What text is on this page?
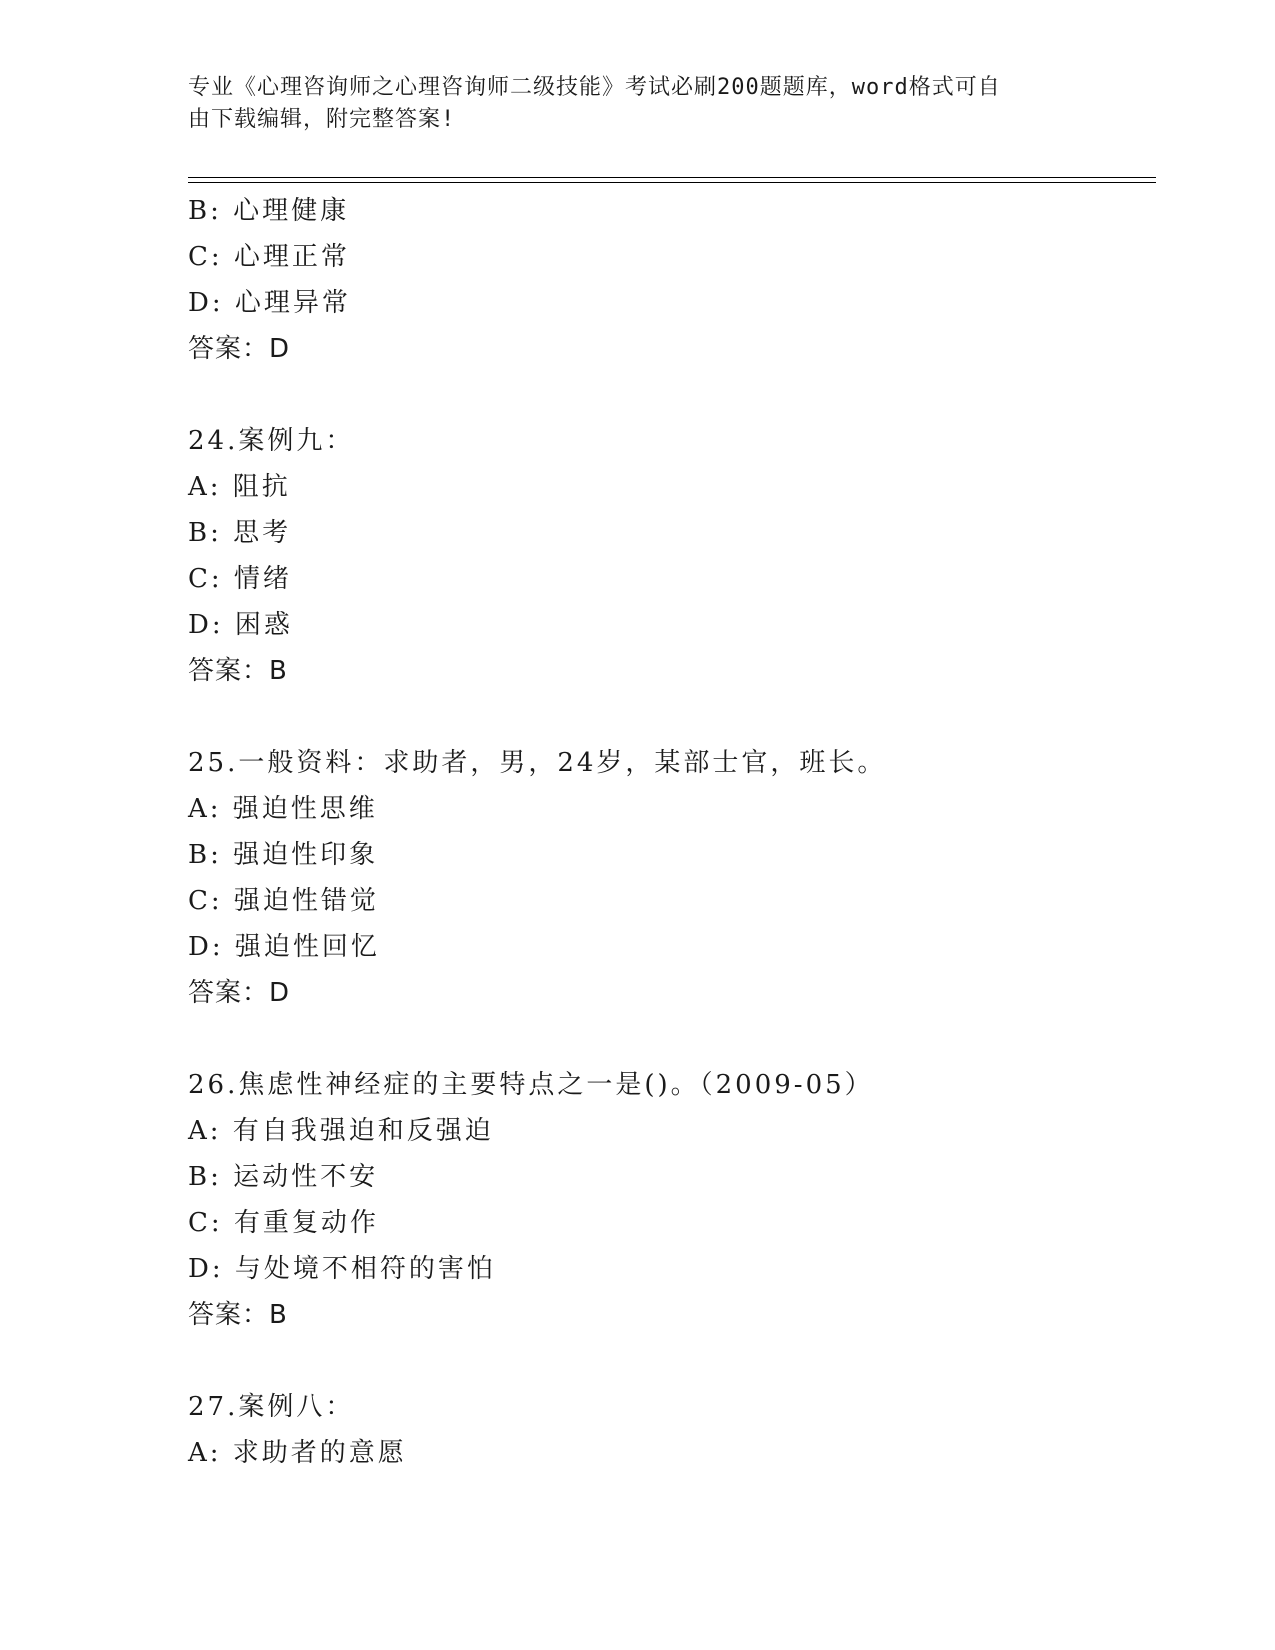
专业《心理咨询师之心理咨询师二级技能》考试必刷200题题库，word格式可自
由下载编辑，附完整答案!
B: 心理健康
C: 心理正常
D: 心理异常
答案：D
24.案例九：
A: 阻抗
B: 思考
C: 情绪
D: 困惑
答案：B
25.一般资料：求助者，男，24岁，某部士官，班长。
A: 强迫性思维
B: 强迫性印象
C: 强迫性错觉
D: 强迫性回忆
答案：D
26.焦虑性神经症的主要特点之一是()。（2009-05）
A: 有自我强迫和反强迫
B: 运动性不安
C: 有重复动作
D: 与处境不相符的害怕
答案：B
27.案例八：
A: 求助者的意愿
